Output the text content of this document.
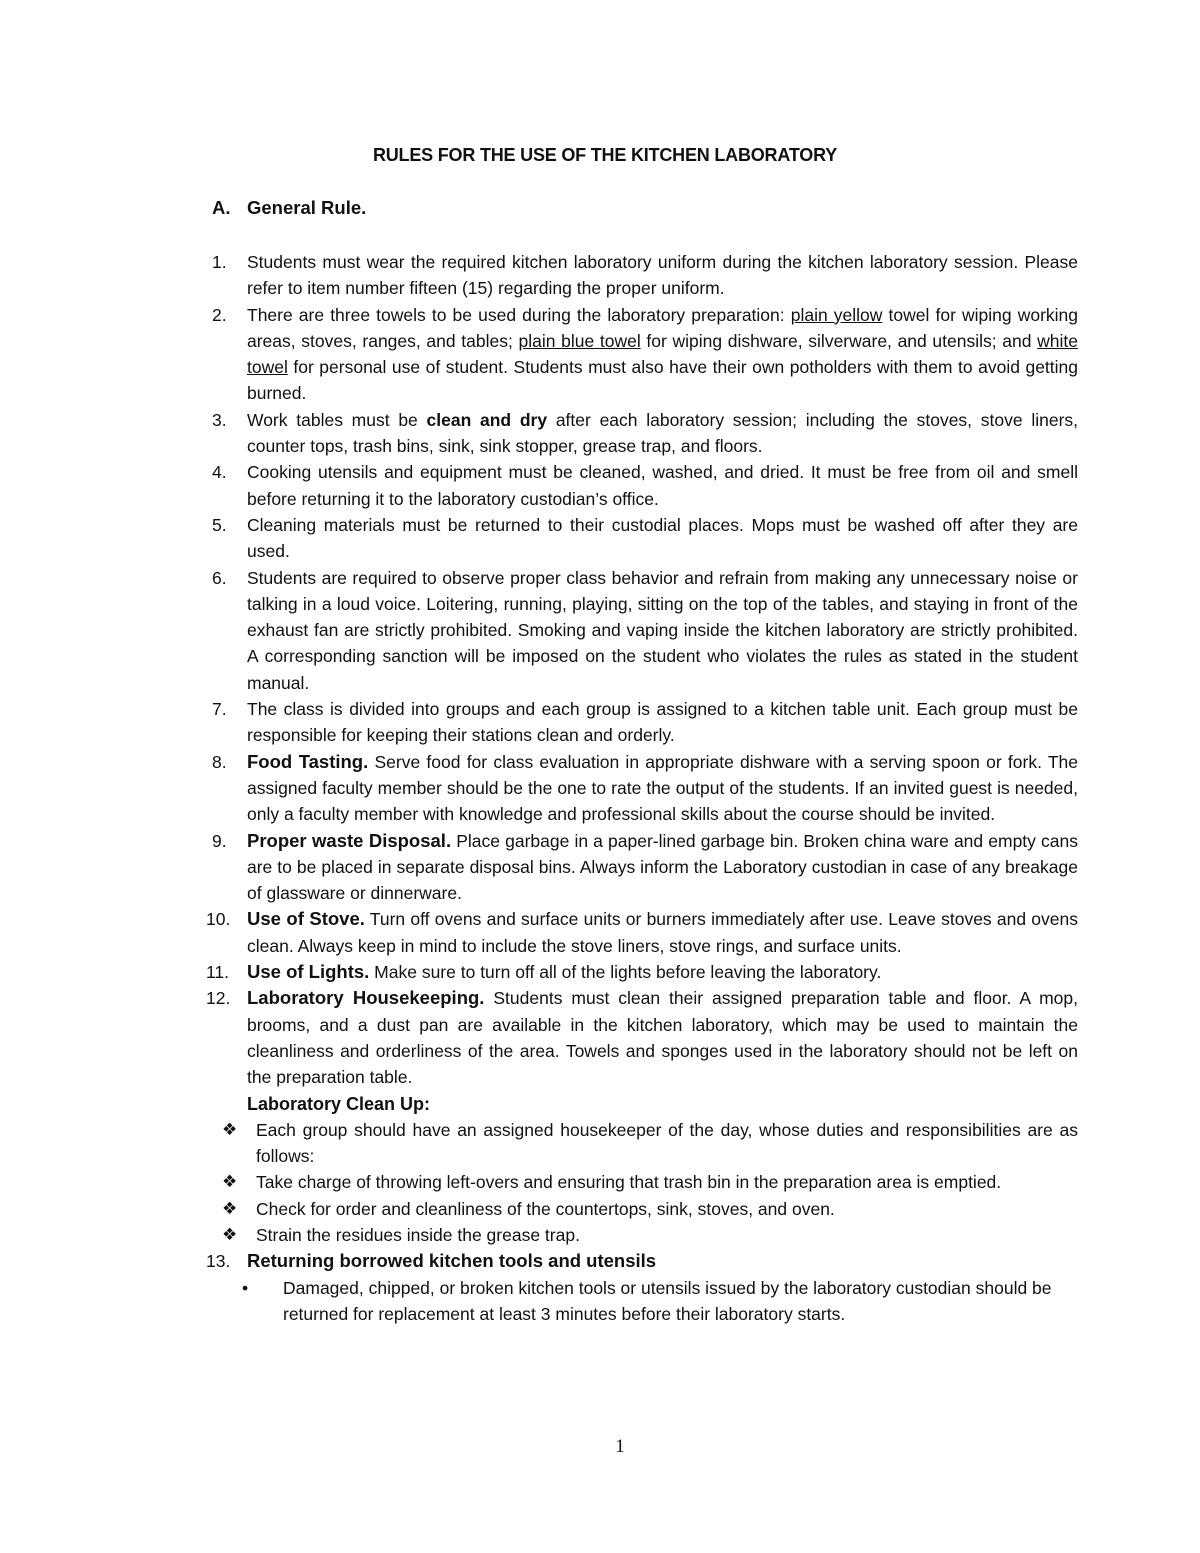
RULES FOR THE USE OF THE KITCHEN LABORATORY
A. General Rule.
1.	Students must wear the required kitchen laboratory uniform during the kitchen laboratory session. Please refer to item number fifteen (15) regarding the proper uniform.
2.	There are three towels to be used during the laboratory preparation: plain yellow towel for wiping working areas, stoves, ranges, and tables; plain blue towel for wiping dishware, silverware, and utensils; and white towel for personal use of student. Students must also have their own potholders with them to avoid getting burned.
3.	Work tables must be clean and dry after each laboratory session; including the stoves, stove liners, counter tops, trash bins, sink, sink stopper, grease trap, and floors.
4.	Cooking utensils and equipment must be cleaned, washed, and dried. It must be free from oil and smell before returning it to the laboratory custodian’s office.
5.	Cleaning materials must be returned to their custodial places. Mops must be washed off after they are used.
6.	Students are required to observe proper class behavior and refrain from making any unnecessary noise or talking in a loud voice. Loitering, running, playing, sitting on the top of the tables, and staying in front of the exhaust fan are strictly prohibited. Smoking and vaping inside the kitchen laboratory are strictly prohibited. A corresponding sanction will be imposed on the student who violates the rules as stated in the student manual.
7.	The class is divided into groups and each group is assigned to a kitchen table unit. Each group must be responsible for keeping their stations clean and orderly.
8.	Food Tasting. Serve food for class evaluation in appropriate dishware with a serving spoon or fork. The assigned faculty member should be the one to rate the output of the students. If an invited guest is needed, only a faculty member with knowledge and professional skills about the course should be invited.
9.	Proper waste Disposal. Place garbage in a paper-lined garbage bin. Broken china ware and empty cans are to be placed in separate disposal bins. Always inform the Laboratory custodian in case of any breakage of glassware or dinnerware.
10. Use of Stove. Turn off ovens and surface units or burners immediately after use. Leave stoves and ovens clean. Always keep in mind to include the stove liners, stove rings, and surface units.
11. Use of Lights. Make sure to turn off all of the lights before leaving the laboratory.
12. Laboratory Housekeeping. Students must clean their assigned preparation table and floor. A mop, brooms, and a dust pan are available in the kitchen laboratory, which may be used to maintain the cleanliness and orderliness of the area. Towels and sponges used in the laboratory should not be left on the preparation table.
Laboratory Clean Up:
❖ Each group should have an assigned housekeeper of the day, whose duties and responsibilities are as follows:
❖ Take charge of throwing left-overs and ensuring that trash bin in the preparation area is emptied.
❖ Check for order and cleanliness of the countertops, sink, stoves, and oven.
❖ Strain the residues inside the grease trap.
13. Returning borrowed kitchen tools and utensils
• Damaged, chipped, or broken kitchen tools or utensils issued by the laboratory custodian should be returned for replacement at least 3 minutes before their laboratory starts.
1
